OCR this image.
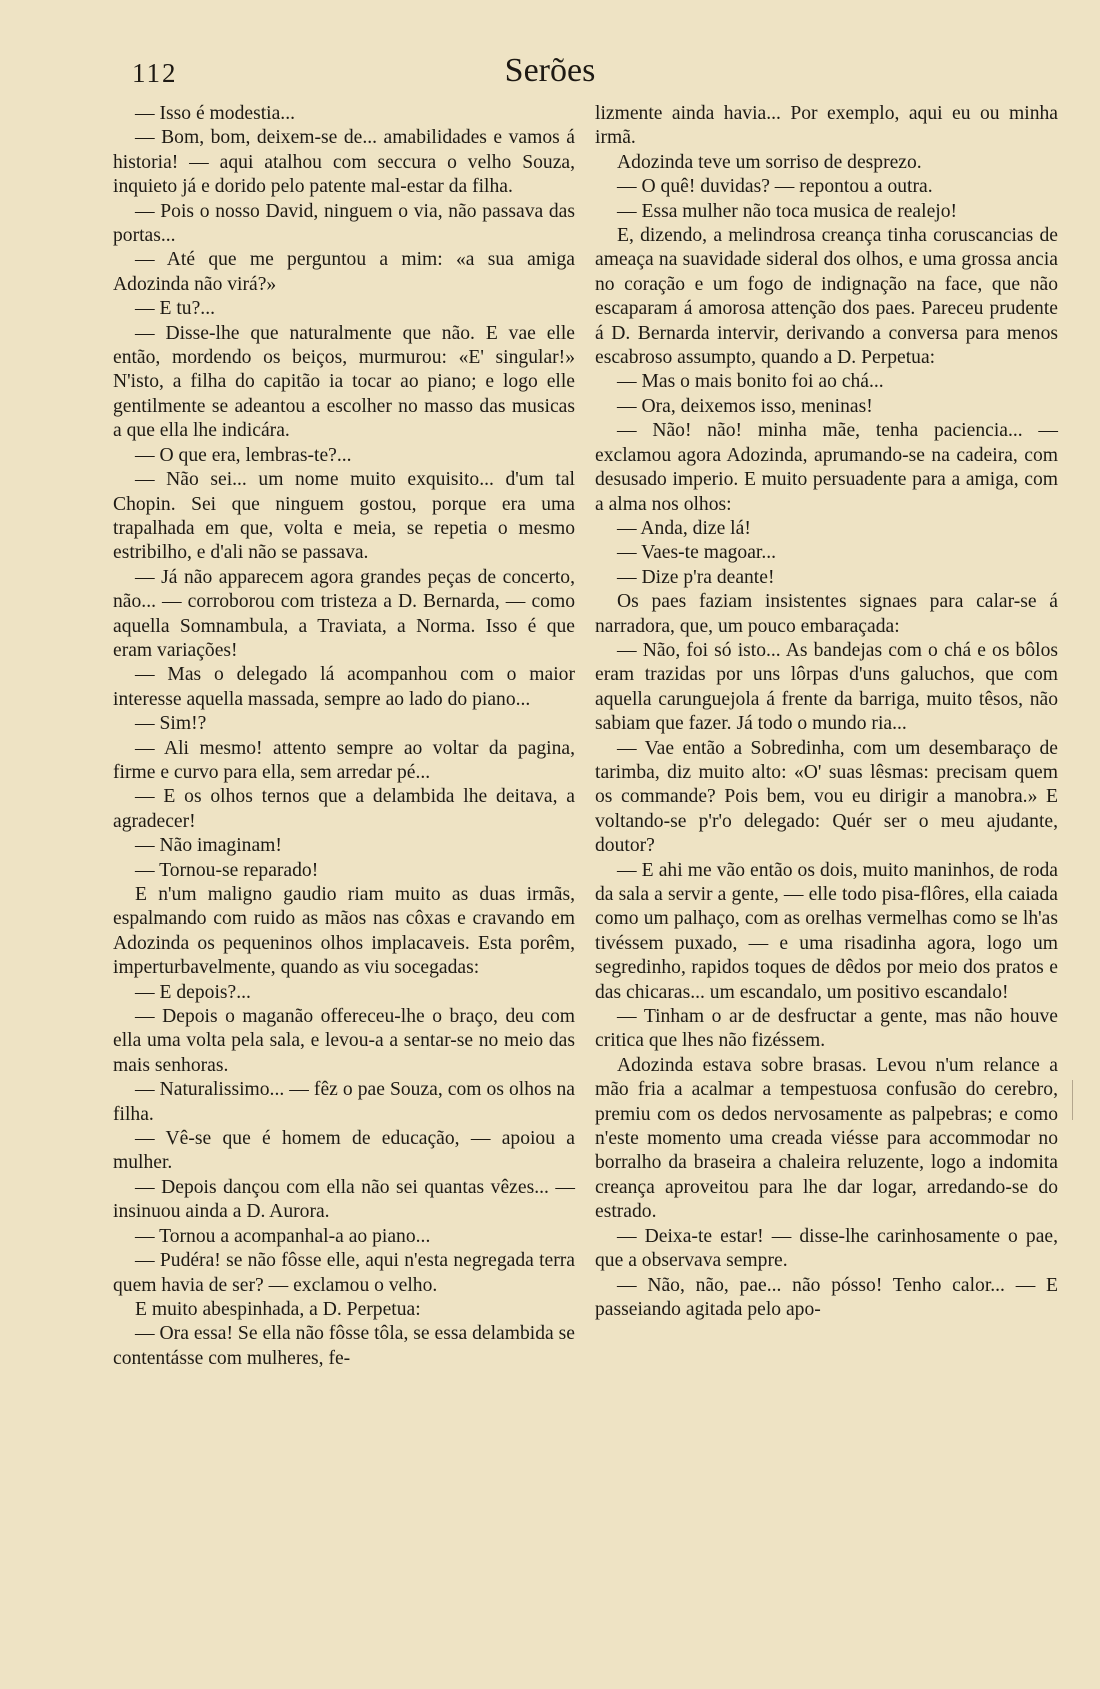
112	Serões

— Isso é modestia...

— Bom, bom, deixem-se de... amabilidades e vamos á historia! — aqui atalhou com seccura o velho Souza, inquieto já e dorido pelo patente mal-estar da filha.

— Pois o nosso David, ninguem o via, não passava das portas...

— Até que me perguntou a mim: «a sua amiga Adozinda não virá?»

— E tu?...

— Disse-lhe que naturalmente que não. E vae elle então, mordendo os beiços, murmurou: «E' singular!» N'isto, a filha do capitão ia tocar ao piano; e logo elle gentilmente se adeantou a escolher no masso das musicas a que ella lhe indicára.

— O que era, lembras-te?...

— Não sei... um nome muito exquisito... d'um tal Chopin. Sei que ninguem gostou, porque era uma trapalhada em que, volta e meia, se repetia o mesmo estribilho, e d'ali não se passava.

— Já não apparecem agora grandes peças de concerto, não... — corroborou com tristeza a D. Bernarda, — como aquella Somnambula, a Traviata, a Norma. Isso é que eram variações!

— Mas o delegado lá acompanhou com o maior interesse aquella massada, sempre ao lado do piano...

— Sim!?

— Ali mesmo! attento sempre ao voltar da pagina, firme e curvo para ella, sem arredar pé...

— E os olhos ternos que a delambida lhe deitava, a agradecer!

— Não imaginam!

— Tornou-se reparado!

E n'um maligno gaudio riam muito as duas irmãs, espalmando com ruido as mãos nas côxas e cravando em Adozinda os pequeninos olhos implacaveis. Esta porêm, imperturbavelmente, quando as viu socegadas:

— E depois?...

— Depois o maganão offereceu-lhe o braço, deu com ella uma volta pela sala, e levou-a a sentar-se no meio das mais senhoras.

— Naturalissimo... — fêz o pae Souza, com os olhos na filha.

— Vê-se que é homem de educação, — apoiou a mulher.

— Depois dançou com ella não sei quantas vêzes... — insinuou ainda a D. Aurora.

— Tornou a acompanhal-a ao piano...

— Pudéra! se não fôsse elle, aqui n'esta negregada terra quem havia de ser? — exclamou o velho.

E muito abespinhada, a D. Perpetua:

— Ora essa! Se ella não fôsse tôla, se essa delambida se contentásse com mulheres, fe-

lizmente ainda havia... Por exemplo, aqui eu ou minha irmã.

Adozinda teve um sorriso de desprezo.

— O quê! duvidas? — repontou a outra.

— Essa mulher não toca musica de realejo!

E, dizendo, a melindrosa creança tinha coruscancias de ameaça na suavidade sideral dos olhos, e uma grossa ancia no coração e um fogo de indignação na face, que não escaparam á amorosa attenção dos paes. Pareceu prudente á D. Bernarda intervir, derivando a conversa para menos escabroso assumpto, quando a D. Perpetua:

— Mas o mais bonito foi ao chá...

— Ora, deixemos isso, meninas!

— Não! não! minha mãe, tenha paciencia... — exclamou agora Adozinda, aprumando-se na cadeira, com desusado imperio. E muito persuadente para a amiga, com a alma nos olhos:

— Anda, dize lá!

— Vaes-te magoar...

— Dize p'ra deante!

Os paes faziam insistentes signaes para calar-se á narradora, que, um pouco embaraçada:

— Não, foi só isto... As bandejas com o chá e os bôlos eram trazidas por uns lôrpas d'uns galuchos, que com aquella carunguejola á frente da barriga, muito têsos, não sabiam que fazer. Já todo o mundo ria...

— Vae então a Sobredinha, com um desembaraço de tarimba, diz muito alto: «O' suas lêsmas: precisam quem os commande? Pois bem, vou eu dirigir a manobra.» E voltando-se p'r'o delegado: Quér ser o meu ajudante, doutor?

— E ahi me vão então os dois, muito maninhos, de roda da sala a servir a gente, — elle todo pisa-flôres, ella caiada como um palhaço, com as orelhas vermelhas como se lh'as tivéssem puxado, — e uma risadinha agora, logo um segredinho, rapidos toques de dêdos por meio dos pratos e das chicaras... um escandalo, um positivo escandalo!

— Tinham o ar de desfructar a gente, mas não houve critica que lhes não fizéssem.

Adozinda estava sobre brasas. Levou n'um relance a mão fria a acalmar a tempestuosa confusão do cerebro, premiu com os dedos nervosamente as palpebras; e como n'este momento uma creada viésse para accommodar no borralho da braseira a chaleira reluzente, logo a indomita creança aproveitou para lhe dar logar, arredando-se do estrado.

— Deixa-te estar! — disse-lhe carinhosamente o pae, que a observava sempre.

— Não, não, pae... não pósso! Tenho calor... — E passeiando agitada pelo apo-
